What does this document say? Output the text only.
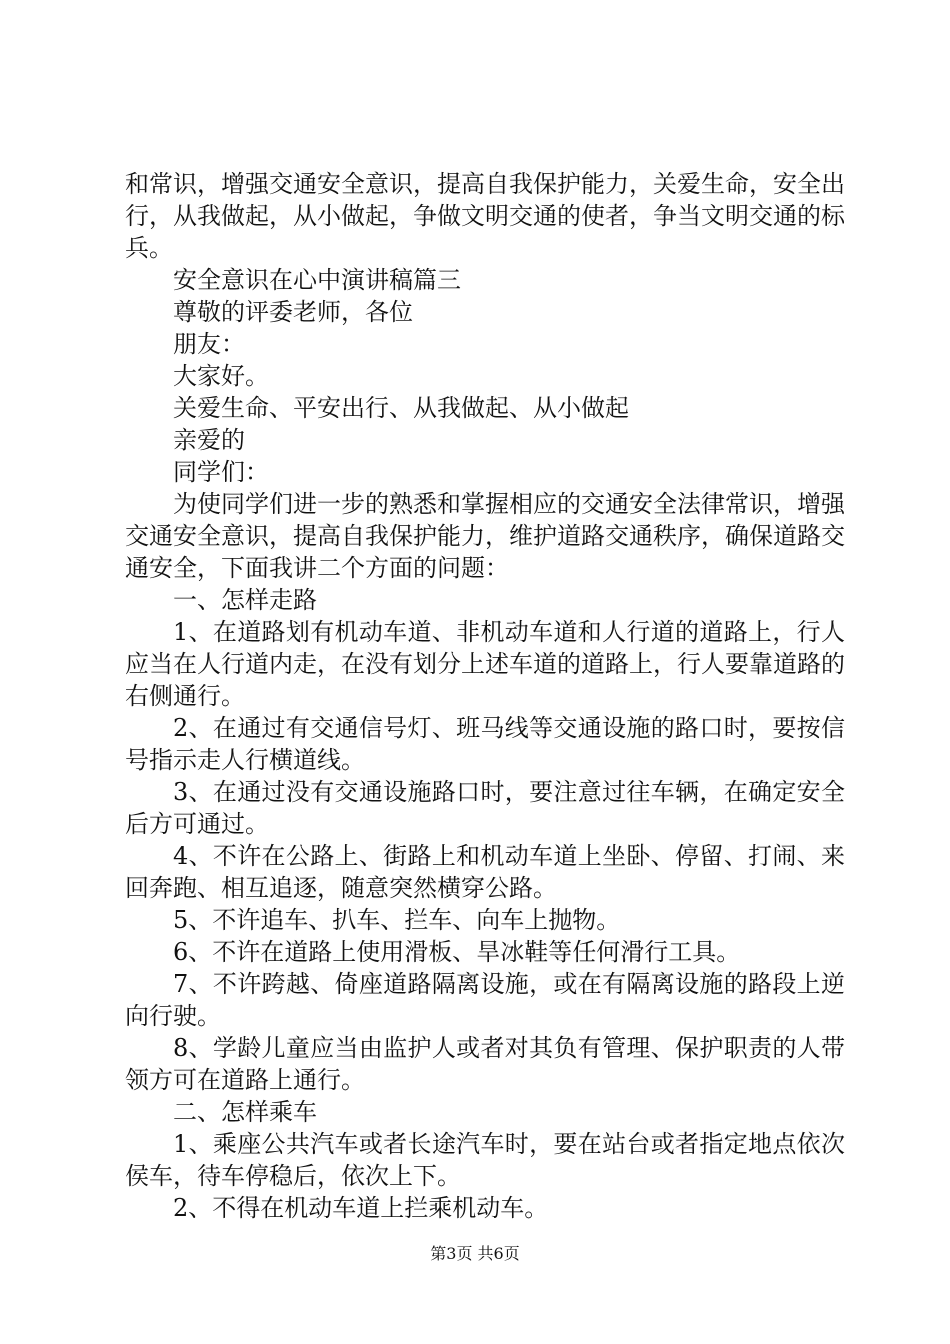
和常识，增强交通安全意识，提高自我保护能力，关爱生命，安全出行，从我做起，从小做起，争做文明交通的使者，争当文明交通的标兵。

安全意识在心中演讲稿篇三

尊敬的评委老师，各位

朋友：

大家好。

关爱生命、平安出行、从我做起、从小做起

亲爱的

同学们：

为使同学们进一步的熟悉和掌握相应的交通安全法律常识，增强交通安全意识，提高自我保护能力，维护道路交通秩序，确保道路交通安全，下面我讲二个方面的问题：

一、怎样走路

1、在道路划有机动车道、非机动车道和人行道的道路上，行人应当在人行道内走，在没有划分上述车道的道路上，行人要靠道路的右侧通行。

2、在通过有交通信号灯、班马线等交通设施的路口时，要按信号指示走人行横道线。

3、在通过没有交通设施路口时，要注意过往车辆，在确定安全后方可通过。

4、不许在公路上、街路上和机动车道上坐卧、停留、打闹、来回奔跑、相互追逐，随意突然横穿公路。

5、不许追车、扒车、拦车、向车上抛物。

6、不许在道路上使用滑板、旱冰鞋等任何滑行工具。

7、不许跨越、倚座道路隔离设施，或在有隔离设施的路段上逆向行驶。

8、学龄儿童应当由监护人或者对其负有管理、保护职责的人带领方可在道路上通行。

二、怎样乘车

1、乘座公共汽车或者长途汽车时，要在站台或者指定地点依次侯车，待车停稳后，依次上下。

2、不得在机动车道上拦乘机动车。

第3页 共6页
